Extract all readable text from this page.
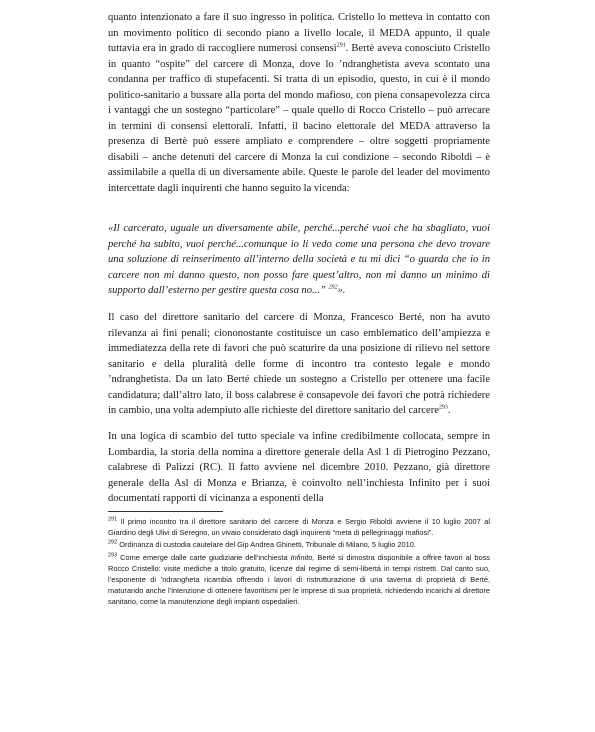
quanto intenzionato a fare il suo ingresso in politica. Cristello lo metteva in contatto con un movimento politico di secondo piano a livello locale, il MEDA appunto, il quale tuttavia era in grado di raccogliere numerosi consensi$^{291}$. Bertè aveva conosciuto Cristello in quanto “ospite” del carcere di Monza, dove lo ’ndranghetista aveva scontato una condanna per traffico di stupefacenti. Si tratta di un episodio, questo, in cui è il mondo politico-sanitario a bussare alla porta del mondo mafioso, con piena consapevolezza circa i vantaggi che un sostegno “particolare” – quale quello di Rocco Cristello – può arrecare in termini di consensi elettorali. Infatti, il bacino elettorale del MEDA attraverso la presenza di Bertè può essere ampliato e comprendere – oltre soggetti propriamente disabili – anche detenuti del carcere di Monza la cui condizione – secondo Riboldi – è assimilabile a quella di un diversamente abile. Queste le parole del leader del movimento intercettate dagli inquirenti che hanno seguito la vicenda:
«Il carcerato, uguale un diversamente abile, perché...perché vuoi che ha sbagliato, vuoi perché ha subito, vuoi perché...comunque io li vedo come una persona che devo trovare una soluzione di reinserimento all’interno della società e tu mi dici “o guarda che io in carcere non mi danno questo, non posso fare quest’altro, non mi danno un minimo di supporto dall’esterno per gestire questa cosa no...” $^{292}$».
Il caso del direttore sanitario del carcere di Monza, Francesco Berté, non ha avuto rilevanza ai fini penali; ciononostante costituisce un caso emblematico dell’ampiezza e immediatezza della rete di favori che può scaturire da una posizione di rilievo nel settore sanitario e della pluralità delle forme di incontro tra contesto legale e mondo ’ndranghetista. Da un lato Berté chiede un sostegno a Cristello per ottenere una facile candidatura; dall’altro lato, il boss calabrese è consapevole dei favori che potrà richiedere in cambio, una volta adempiuto alle richieste del direttore sanitario del carcere$^{293}$.
In una logica di scambio del tutto speciale va infine credibilmente collocata, sempre in Lombardia, la storia della nomina a direttore generale della Asl 1 di Pietrogino Pezzano, calabrese di Palizzi (RC). Il fatto avviene nel dicembre 2010. Pezzano, già direttore generale della Asl di Monza e Brianza, è coinvolto nell’inchiesta Infinito per i suoi documentati rapporti di vicinanza a esponenti della

$^{291}$ Il primo incontro tra il direttore sanitario del carcere di Monza e Sergio Riboldi avviene il 10 luglio 2007 al Giardino degli Ulivi di Seregno, un vivaio considerato dagli inquirenti “meta di pellegrinaggi mafiosi”.

$^{292}$ Ordinanza di custodia cautelare del Gip Andrea Ghinetti, Tribunale di Milano, 5 luglio 2010.

$^{293}$ Come emerge dalle carte giudiziarie dell’inchiesta Infinito, Berté si dimostra disponibile a offrire favori al boss Rocco Cristello: visite mediche a titolo gratuito, licenze dal regime di semi-libertà in tempi ristretti. Dal canto suo, l’esponente di ’ndrangheta ricambia offrendo i lavori di ristrutturazione di una taverna di proprietà di Berté, maturando anche l’intenzione di ottenere favoritismi per le imprese di sua proprietà, richiedendo incarichi al direttore sanitario, come la manutenzione degli impianti ospedalieri.
